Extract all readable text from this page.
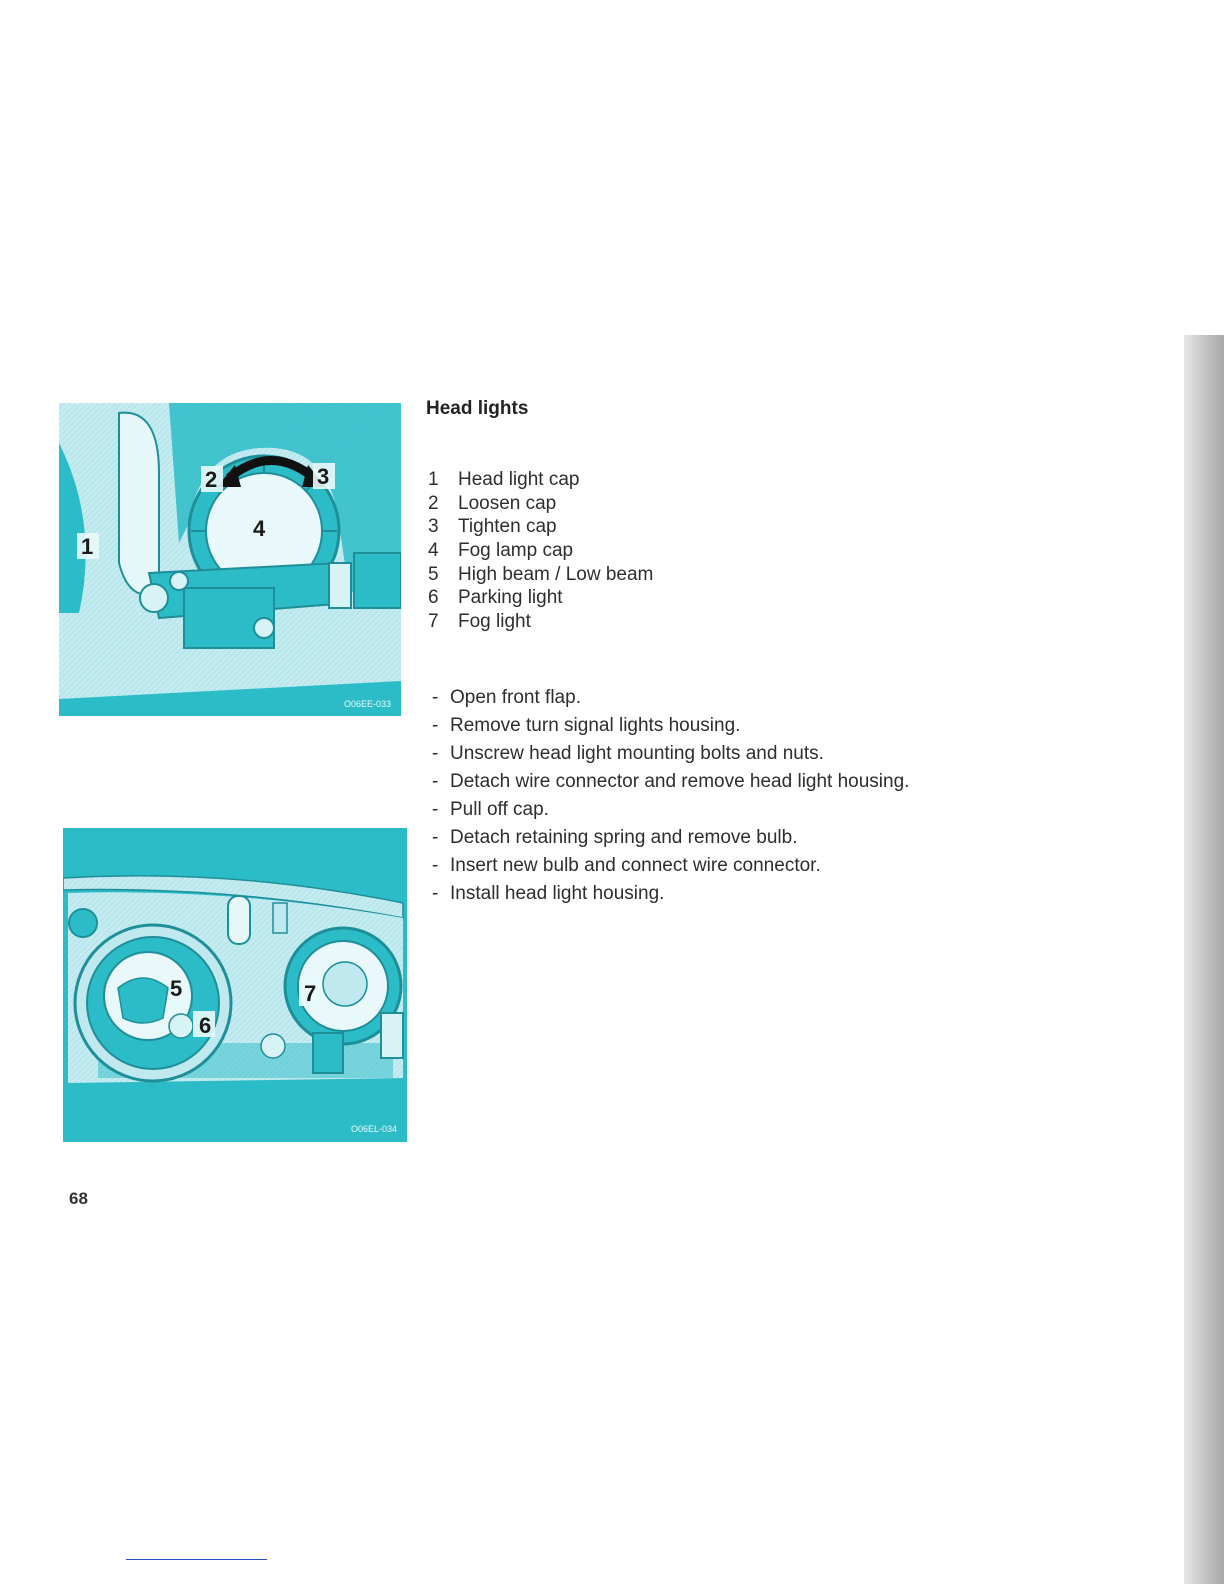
2	3
4
1
O06EE-033
5
6
7
O06EL-034
Head lights
1 Head light cap
2 Loosen cap
3 Tighten cap
4 Fog lamp cap
5 High beam / Low beam
6 Parking light
7 Fog light
- Open front flap.
- Remove turn signal lights housing.
- Unscrew head light mounting bolts and nuts.
- Detach wire connector and remove head light housing.
- Pull off cap.
- Detach retaining spring and remove bulb.
- Insert new bulb and connect wire connector.
- Install head light housing.
68
